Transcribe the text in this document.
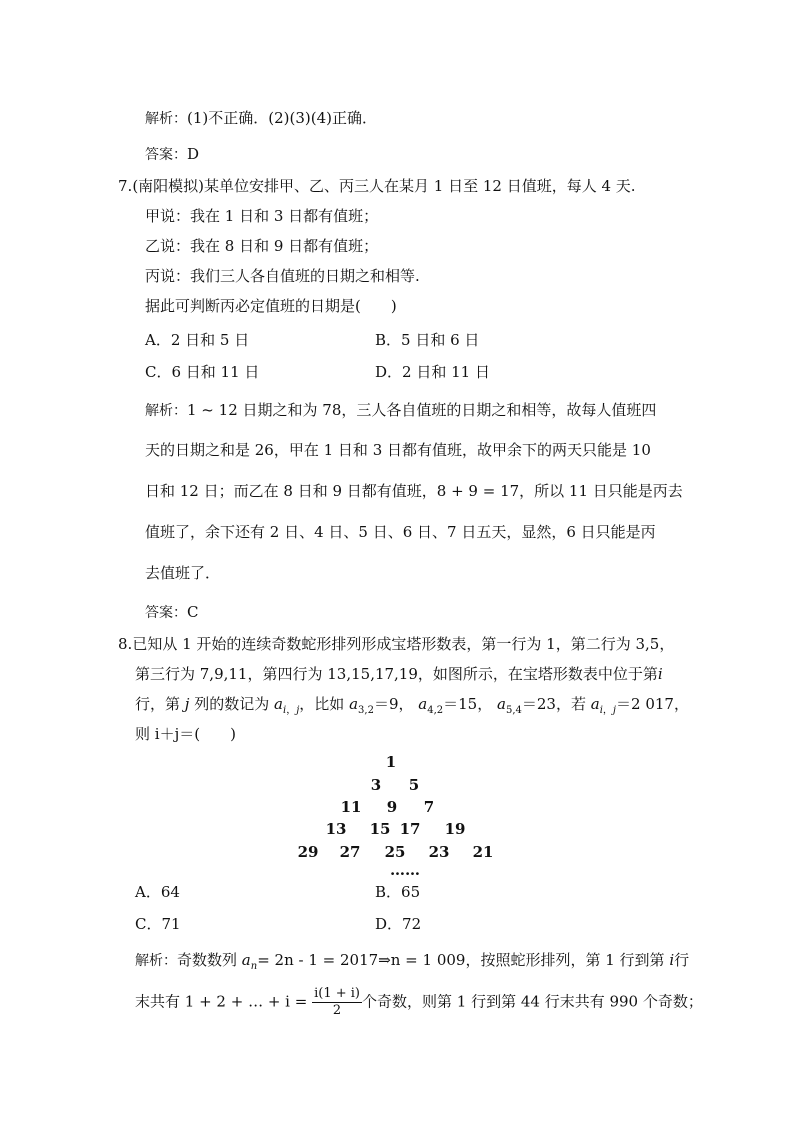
解析：(1)不正确．(2)(3)(4)正确．
答案：D
7.(南阳模拟)某单位安排甲、乙、丙三人在某月 1 日至 12 日值班，每人 4 天.
甲说：我在 1 日和 3 日都有值班；
乙说：我在 8 日和 9 日都有值班；
丙说：我们三人各自值班的日期之和相等.
据此可判断丙必定值班的日期是(　　)
A．2 日和 5 日	B．5 日和 6 日
C．6 日和 11 日	D．2 日和 11 日
解析：1 ~ 12 日期之和为 78，三人各自值班的日期之和相等，故每人值班四
天的日期之和是 26，甲在 1 日和 3 日都有值班，故甲余下的两天只能是 10
日和 12 日；而乙在 8 日和 9 日都有值班，8 + 9 = 17，所以 11 日只能是丙去
值班了，余下还有 2 日、4 日、5 日、6 日、7 日五天，显然，6 日只能是丙
去值班了．
答案：C
8.已知从 1 开始的连续奇数蛇形排列形成宝塔形数表，第一行为 1，第二行为 3,5，
第三行为 7,9,11，第四行为 13,15,17,19，如图所示，在宝塔形数表中位于第i
行，第 j 列的数记为 $a_{i,j}$，比如 $a_{3,2}=9$， $a_{4,2}=15$， $a_{5,4}=23$，若 $a_{i,j}=2$ 017，
则 i＋j＝(　　)
1
3	5
11	9	7
13	15 17	19
29	27	25	23	21
……
A．64	B．65
C．71	D．72
解析：奇数数列 $a_n= 2n - 1$ = 2017⇒n = 1 009，按照蛇形排列，第 1 行到第 i行
末共有 1 + 2 + … + $i = \frac{i(1 + i)}{2}$ 个奇数，则第 1 行到第 44 行末共有 990 个奇数；
